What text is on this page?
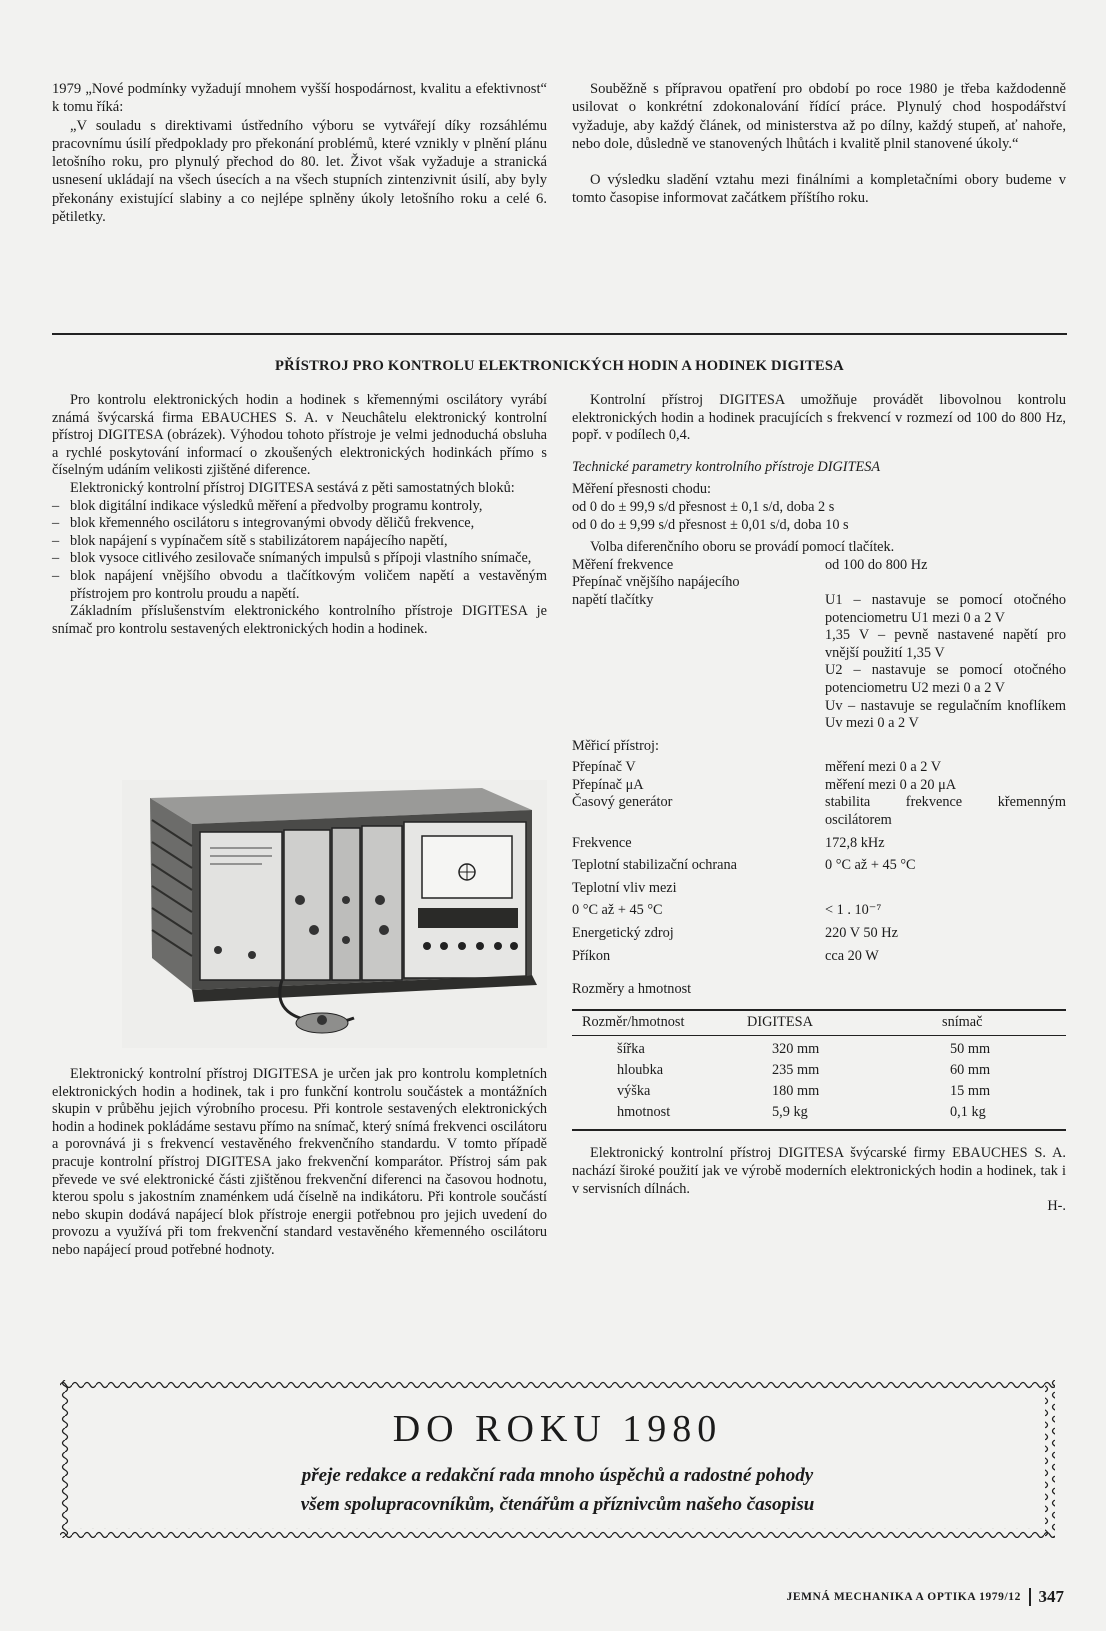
1979 „Nové podmínky vyžadují mnohem vyšší hospodárnost, kvalitu a efektivnost“ k tomu říká:

„V souladu s direktivami ústředního výboru se vytvářejí díky rozsáhlému pracovnímu úsilí předpoklady pro překonání problémů, které vznikly v plnění plánu letošního roku, pro plynulý přechod do 80. let. Život však vyžaduje a stranická usnesení ukládají na všech úsecích a na všech stupních zintenzivnit úsilí, aby byly překonány existující slabiny a co nejlépe splněny úkoly letošního roku a celé 6. pětiletky.

Souběžně s přípravou opatření pro období po roce 1980 je třeba každodenně usilovat o konkrétní zdokonalování řídící práce. Plynulý chod hospodářství vyžaduje, aby každý článek, od ministerstva až po dílny, každý stupeň, ať nahoře, nebo dole, důsledně ve stanovených lhůtách i kvalitě plnil stanovené úkoly.“

O výsledku sladění vztahu mezi finálními a kompletačními obory budeme v tomto časopise informovat začátkem příštího roku.

PŘÍSTROJ PRO KONTROLU ELEKTRONICKÝCH HODIN A HODINEK DIGITESA

Pro kontrolu elektronických hodin a hodinek s křemennými oscilátory vyrábí známá švýcarská firma EBAUCHES S. A. v Neuchâtelu elektronický kontrolní přístroj DIGITESA (obrázek). Výhodou tohoto přístroje je velmi jednoduchá obsluha a rychlé poskytování informací o zkoušených elektronických hodinkách přímo s číselným udáním velikosti zjištěné diference.

Elektronický kontrolní přístroj DIGITESA sestává z pěti samostatných bloků:

– blok digitální indikace výsledků měření a předvolby programu kontroly,
– blok křemenného oscilátoru s integrovanými obvody děličů frekvence,
– blok napájení s vypínačem sítě s stabilizátorem napájecího napětí,
– blok vysoce citlivého zesilovače snímaných impulsů s přípoji vlastního snímače,
– blok napájení vnějšího obvodu a tlačítkovým voličem napětí a vestavěným přístrojem pro kontrolu proudu a napětí.

Základním příslušenstvím elektronického kontrolního přístroje DIGITESA je snímač pro kontrolu sestavených elektronických hodin a hodinek.

Elektronický kontrolní přístroj DIGITESA je určen jak pro kontrolu kompletních elektronických hodin a hodinek, tak i pro funkční kontrolu součástek a montážních skupin v průběhu jejich výrobního procesu. Při kontrole sestavených elektronických hodin a hodinek pokládáme sestavu přímo na snímač, který snímá frekvenci oscilátoru a porovnává ji s frekvencí vestavěného frekvenčního standardu. V tomto případě pracuje kontrolní přístroj DIGITESA jako frekvenční komparátor. Přístroj sám pak převede ve své elektronické části zjištěnou frekvenční diferenci na časovou hodnotu, kterou spolu s jakostním znaménkem udá číselně na indikátoru. Při kontrole součástí nebo skupin dodává napájecí blok přístroje energii potřebnou pro jejich uvedení do provozu a využívá při tom frekvenční standard vestavěného křemenného oscilátoru nebo napájecí proud potřebné hodnoty.

Kontrolní přístroj DIGITESA umožňuje provádět libovolnou kontrolu elektronických hodin a hodinek pracujících s frekvencí v rozmezí od 100 do 800 Hz, popř. v podílech 0,4.

Technické parametry kontrolního přístroje DIGITESA

Měření přesnosti chodu:

od 0 do ± 99,9 s/d přesnost ± 0,1 s/d, doba 2 s

od 0 do ± 9,99 s/d přesnost ± 0,01 s/d, doba 10 s

Volba diferenčního oboru se provádí pomocí tlačítek.

Měření frekvence	od 100 do 800 Hz

Přepínač vnějšího napájecího

napětí tlačítky	U1 – nastavuje se pomocí otočného potenciometru U1 mezi 0 a 2 V

1,35 V – pevně nastavené napětí pro vnější použití 1,35 V

U2 – nastavuje se pomocí otočného potenciometru U2 mezi 0 a 2 V

Uv – nastavuje se regulačním knoflíkem Uv mezi 0 a 2 V

Měřicí přístroj:

Přepínač V	měření mezi 0 a 2 V
Přepínač μA	měření mezi 0 a 20 μA
Časový generátor	stabilita frekvence křemenným oscilátorem
Frekvence	172,8 kHz
Teplotní stabilizační ochrana	0 °C až + 45 °C
Teplotní vliv mezi
0 °C až + 45 °C	< 1 . 10⁻⁷
Energetický zdroj	220 V 50 Hz
Příkon	cca 20 W

Rozměry a hmotnost

Rozměr/hmotnost	DIGITESA	snímač
šířka	320 mm	50 mm
hloubka	235 mm	60 mm
výška	180 mm	15 mm
hmotnost	5,9 kg	0,1 kg

Elektronický kontrolní přístroj DIGITESA švýcarské firmy EBAUCHES S. A. nachází široké použití jak ve výrobě moderních elektronických hodin a hodinek, tak i v servisních dílnách.

H-.

DO ROKU 1980
přeje redakce a redakční rada mnoho úspěchů a radostné pohody
všem spolupracovníkům, čtenářům a příznivcům našeho časopisu
JEMNÁ MECHANIKA A OPTIKA 1979/12 347
